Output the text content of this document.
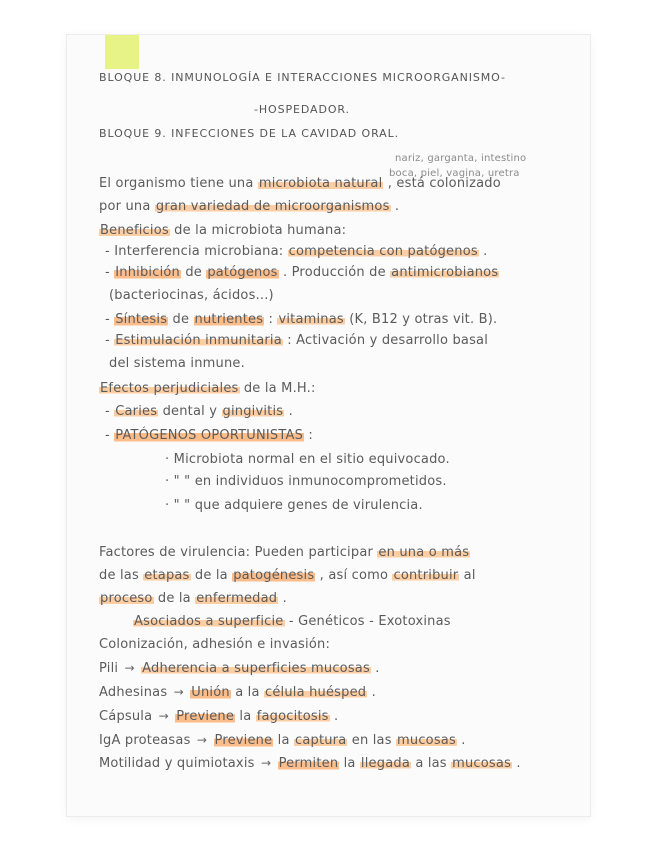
BLOQUE 8. INMUNOLOGÍA E INTERACCIONES MICROORGANISMO-
-HOSPEDADOR.
BLOQUE 9. INFECCIONES DE LA CAVIDAD ORAL.
nariz, garganta, intestino
boca, piel, vagina, uretra
El organismo tiene una microbiota natural , está colonizado
por una gran variedad de microorganismos .
Beneficios de la microbiota humana:
- Interferencia microbiana: competencia con patógenos .
- Inhibición de patógenos . Producción de antimicrobianos
(bacteriocinas, ácidos...)
- Síntesis de nutrientes : vitaminas (K, B12 y otras vit. B).
- Estimulación inmunitaria : Activación y desarrollo basal
del sistema inmune.
Efectos perjudiciales de la M.H.:
- Caries dental y gingivitis .
- PATÓGENOS OPORTUNISTAS :
· Microbiota normal en el sitio equivocado.
· " " en individuos inmunocomprometidos.
· " " que adquiere genes de virulencia.
Factores de virulencia: Pueden participar en una o más
de las etapas de la patogénesis , así como contribuir al
proceso de la enfermedad .
Asociados a superficie - Genéticos - Exotoxinas
Colonización, adhesión e invasión:
Pili → Adherencia a superficies mucosas .
Adhesinas → Unión a la célula huésped .
Cápsula → Previene la fagocitosis .
IgA proteasas → Previene la captura en las mucosas .
Motilidad y quimiotaxis → Permiten la llegada a las mucosas .
